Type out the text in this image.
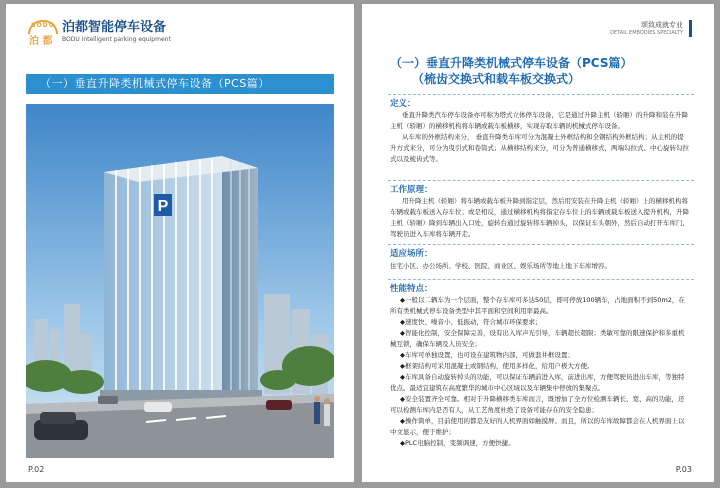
BODU
泊 都
泊都智能停车设备
BODU intelligent parking equipment
（一）垂直升降类机械式停车设备（PCS篇）
P
P.02
颂致成就专业
DETAIL EMBODIES SPECIALTY
（一）垂直升降类机械式停车设备（PCS篇）
（梳齿交换式和载车板交换式）
定义：

垂直升降类汽车停车设备亦可称为塔式立体停车设备，它是通过升降主机（轿厢）的升降和装在升降主机（轿厢）的横移机构将车辆或载车板横移，实现存取车辆的机械式停车设备。

从车库的外框结构来分， 垂直升降类车库可分为混凝土外框结构和全钢结构外框结构；从主机的提升方式来分，可分为曳引式和卷筒式；从横移结构来分，可分为普通横移式，两端勾拉式、中心旋转勾拉式以及梳齿式等。

工作原理：

用升降主机（轿厢）将车辆或载车板升降到指定层，然后用安装在升降主机（轿厢）上的横移机构将车辆或载车板送入存车位；或是相反，通过横移机构将指定存车位上的车辆或载车板送入提升机构，升降主机（轿厢）降到车辆出入口处，旋转台通过旋转将车辆掉头，以保证车头朝外，然后自动打开车库门，驾驶员进入车库将车辆开走。

适应场所：

住宅小区、办公场所、学校、医院、商业区、娱乐场所等地上地下车库增容。

性能特点：

◆一般以二辆车为一个层面，整个存车库可多达50层，即可停放100辆车，占地面积不到50m2，在所有类机械式停车设备类型中其平面和空间利用率最高。

◆速度快、噪音小、低振动，符合城市环保要求；

◆智能化控制，安全保障完善，设有出入库声光引导，车辆超长超限；类敏可靠的限速保护和多重机械互锁，确保车辆及人员安全；

◆车库可单独设置，也可设在建筑物内部，可做套井框设置；

◆框架结构可采用混凝土或钢结构，使用多样化，给用户极大方便。

◆车库具备自动旋转掉头的功能，可以保证车辆前进入库，前进出库，方便驾驶员进出车库，等独特优点。最适宜建筑在高度繁华的城市中心区域以及车辆集中停放的集聚点。

◆安全装置齐全可靠。相对于升降横移类车库而言，既增加了全方位检测车辆长、宽、高的功能，还可以检测车库内是否有人，从工艺角度杜绝了设备可能存在的安全隐患；

◆操作简单，目前使用的都是友好的人机界面如触摸屏。而且，所以的车库故障都会在人机界面上以中文显示，便于维护；

◆PLC电脑控制，变频调速，方便快捷。

P.03
